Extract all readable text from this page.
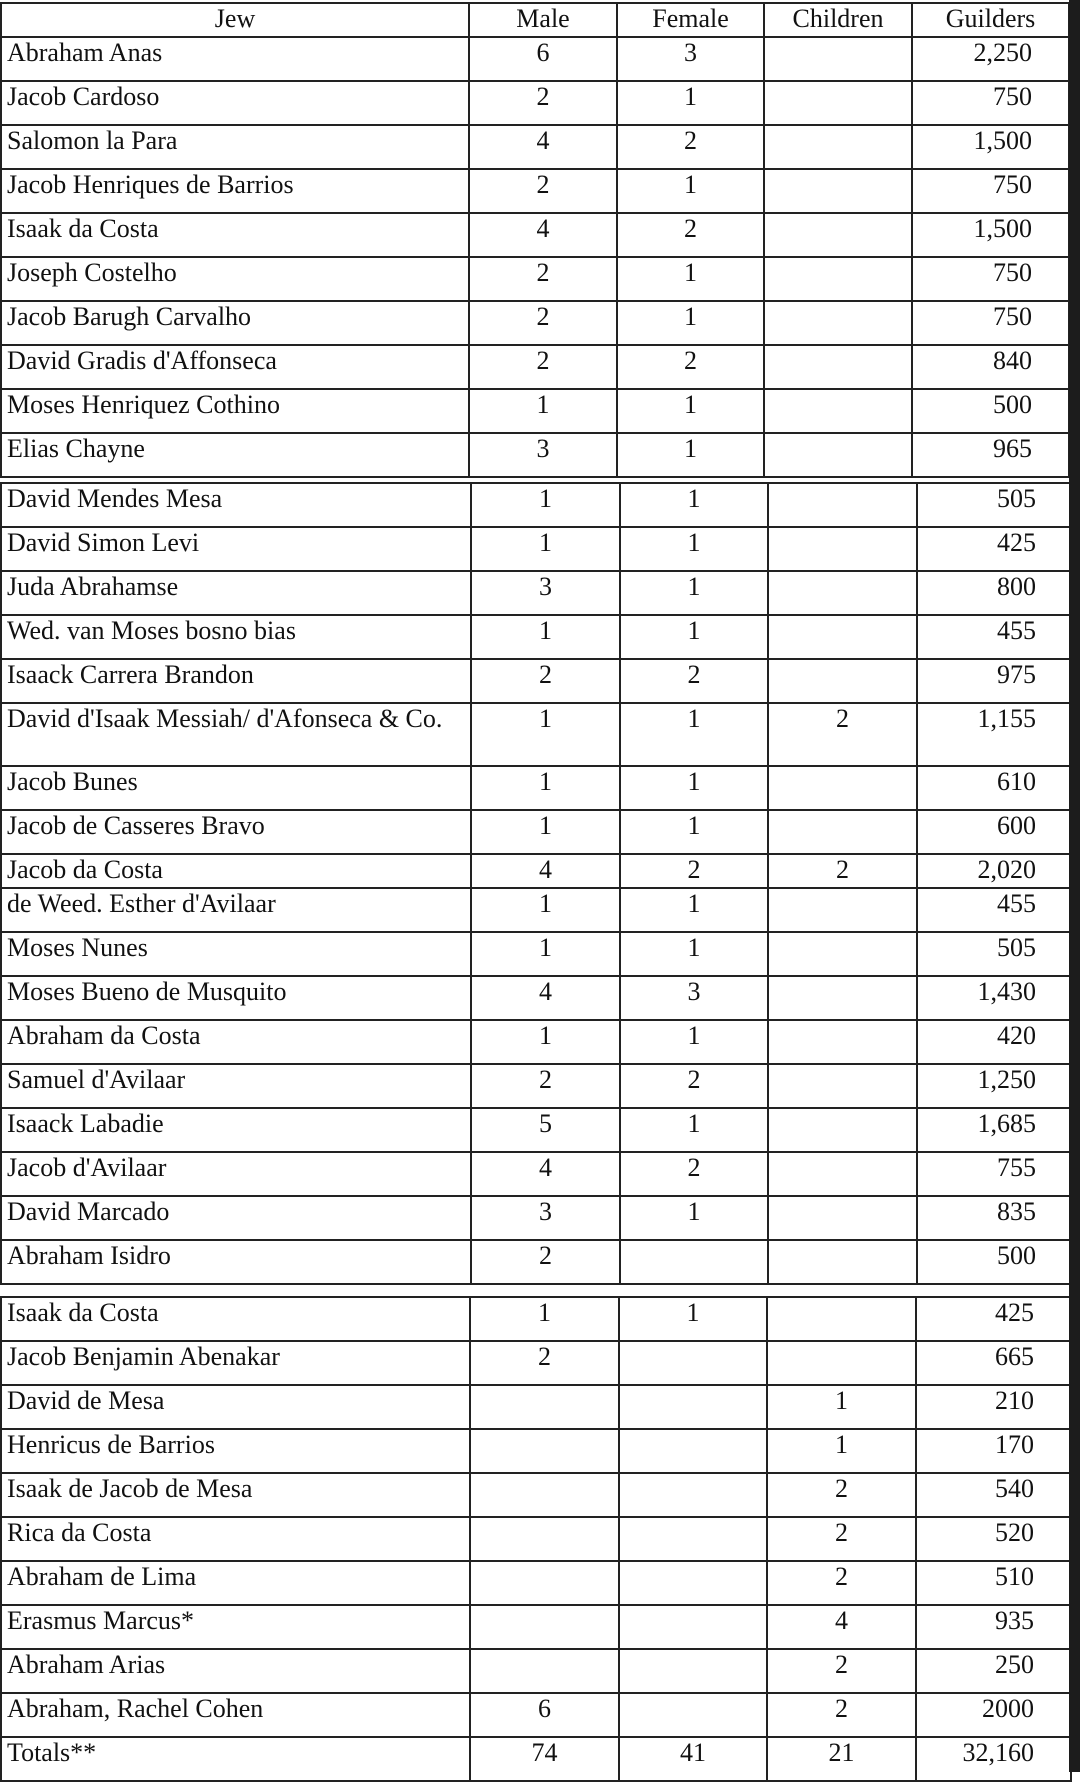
Jew	Male	Female	Children	Guilders
Abraham Anas	6	3		2,250
Jacob Cardoso	2	1		750
Salomon la Para	4	2		1,500
Jacob Henriques de Barrios	2	1		750
Isaak da Costa	4	2		1,500
Joseph Costelho	2	1		750
Jacob Barugh Carvalho	2	1		750
David Gradis d'Affonseca	2	2		840
Moses Henriquez Cothino	1	1		500
Elias Chayne	3	1		965
David Mendes Mesa	1	1		505
David Simon Levi	1	1		425
Juda Abrahamse	3	1		800
Wed. van Moses bosno bias	1	1		455
Isaack Carrera Brandon	2	2		975
David d'Isaak Messiah/ d'Afonseca & Co.	1	1	2	1,155
Jacob Bunes	1	1		610
Jacob de Casseres Bravo	1	1		600
Jacob da Costa	4	2	2	2,020
de Weed. Esther d'Avilaar	1	1		455
Moses Nunes	1	1		505
Moses Bueno de Musquito	4	3		1,430
Abraham da Costa	1	1		420
Samuel d'Avilaar	2	2		1,250
Isaack Labadie	5	1		1,685
Jacob d'Avilaar	4	2		755
David Marcado	3	1		835
Abraham Isidro	2			500
Isaak da Costa	1	1		425
Jacob Benjamin Abenakar	2			665
David de Mesa			1	210
Henricus de Barrios			1	170
Isaak de Jacob de Mesa			2	540
Rica da Costa			2	520
Abraham de Lima			2	510
Erasmus Marcus*			4	935
Abraham Arias			2	250
Abraham, Rachel Cohen	6		2	2000
Totals**	74	41	21	32,160
